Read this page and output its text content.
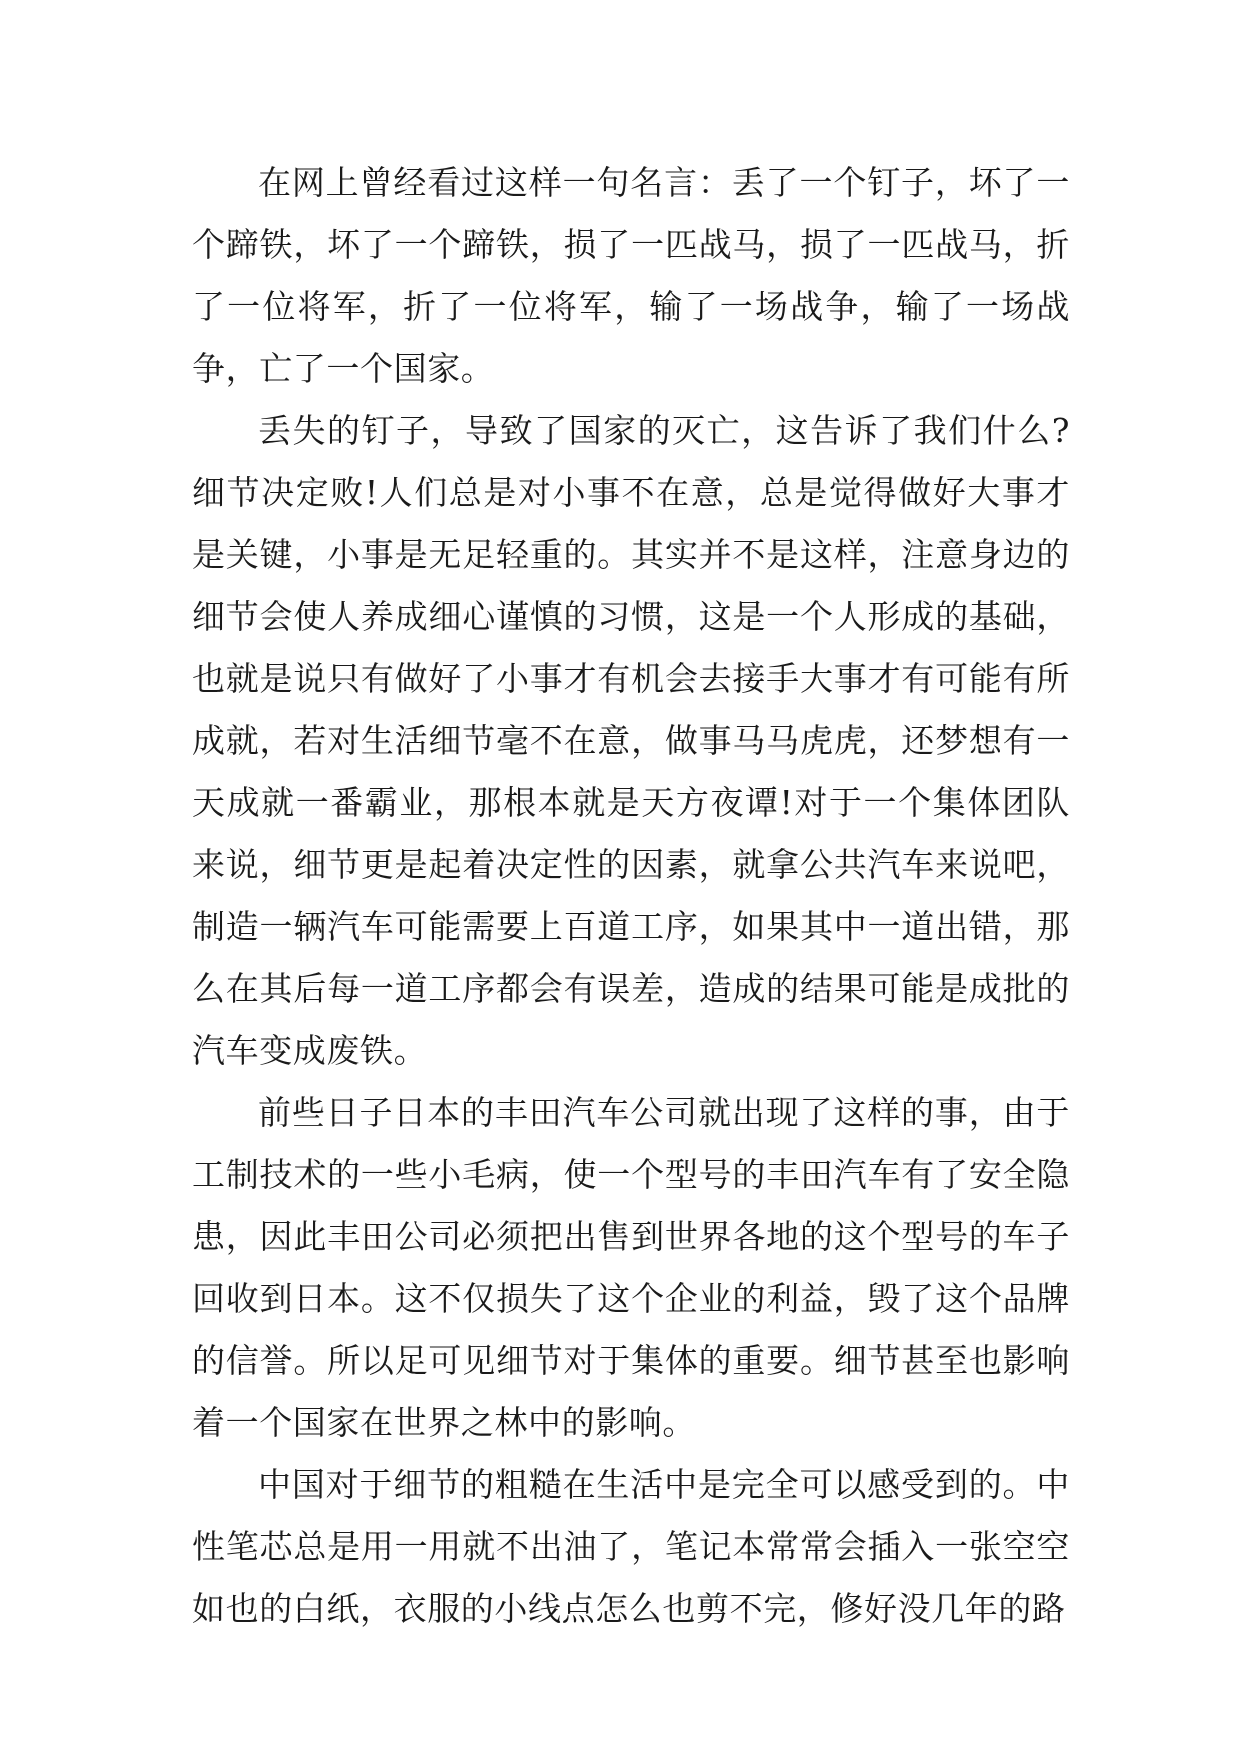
在网上曾经看过这样一句名言：丢了一个钉子，坏了一个蹄铁，坏了一个蹄铁，损了一匹战马，损了一匹战马，折了一位将军，折了一位将军，输了一场战争，输了一场战争，亡了一个国家。

丢失的钉子，导致了国家的灭亡，这告诉了我们什么?细节决定败!人们总是对小事不在意，总是觉得做好大事才是关键，小事是无足轻重的。其实并不是这样，注意身边的细节会使人养成细心谨慎的习惯，这是一个人形成的基础，也就是说只有做好了小事才有机会去接手大事才有可能有所成就，若对生活细节毫不在意，做事马马虎虎，还梦想有一天成就一番霸业，那根本就是天方夜谭!对于一个集体团队来说，细节更是起着决定性的因素，就拿公共汽车来说吧，制造一辆汽车可能需要上百道工序，如果其中一道出错，那么在其后每一道工序都会有误差，造成的结果可能是成批的汽车变成废铁。

前些日子日本的丰田汽车公司就出现了这样的事，由于工制技术的一些小毛病，使一个型号的丰田汽车有了安全隐患，因此丰田公司必须把出售到世界各地的这个型号的车子回收到日本。这不仅损失了这个企业的利益，毁了这个品牌的信誉。所以足可见细节对于集体的重要。细节甚至也影响着一个国家在世界之林中的影响。

中国对于细节的粗糙在生活中是完全可以感受到的。中性笔芯总是用一用就不出油了，笔记本常常会插入一张空空如也的白纸，衣服的小线点怎么也剪不完，修好没几年的路
